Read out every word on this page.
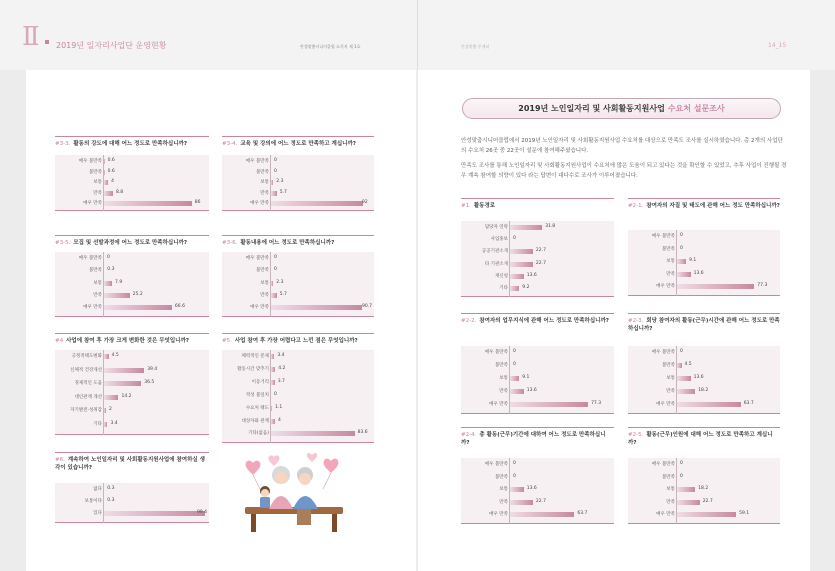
Ⅱ 2019년 일자리사업단 운영현황	안성맞춤시니어클럽 소식지 제 1호	안성맞춤 투게더	14_15
2019년 노인일자리 및 사회활동지원사업 수요처 설문조사

안성맞춤시니어클럽에서 2019년 노인일자리 및 사회활동지원사업 수요처를 대상으로 만족도 조사를 실시하였습니다. 총 2개의 사업단의 수요처 26곳 중 22곳이 설문에 참여해주셨습니다.

만족도 조사를 통해 노인일자리 및 사회활동지원사업이 수요처에 많은 도움이 되고 있다는 것을 확인할 수 있었고, 추후 사업이 진행될 경우 계속 참여할 의향이 있다 라는 답변이 대다수로 조사가 이루어졌습니다.

#3-3. 활동의 강도에 대해 어느 정도로 만족하십니까?
매우 불만족 0.6
불만족 0.6
보통 4
만족	8.8
매우 만족	86
#3-4. 교육 및 강의에 어느 정도로 만족하고 계십니까?
매우 불만족 0
불만족 0
보통 2.3
만족 5.7
매우 만족	92
#3-5. 모집 및 선발과정에 어느 정도로 만족하십니까?
매우 불만족 0
불만족 0.3
보통	7.9
만족	25.2
매우 만족	66.6
#3-6. 활동내용에 어느 정도로 만족하십니까?
매우 불만족 0
불만족 0
보통 2.3
만족 5.7
매우 만족	90.7
#4 사업에 참여 후 가장 크게 변화한 것은 무엇입니까?
긍정적태도변화 4.5
신체적 건강개선	39.4
경제적인 도움	36.5
대인관계 개선	14.2
자기발전·성취감 2
기타 3.4
#5. 사업 참여 후 가장 어렵다고 느낀 점은 무엇입니까?
체력적인 문제 3.4
활동시간 맞추기 4.2
이동거리 3.7
적성 불일치 0
수요처 태도 1.1
대상자와 관계 4
기타(없음)	83.6
#6. 계속하여 노인일자리 및 사회활동지원사업에 참여하실 생각이 있습니까?
없다 0.3
보통이다 0.3
있다	99.4
#1. 활동경로
담당자 연락	31.8
사업홍보 0
공공기관소개	22.7
타 기관소개	22.7
재신청	13.6
기타	9.2
#2-1. 참여자의 자질 및 태도에 관해 어느 정도 만족하십니까?
매우 불만족 0
불만족 0
보통	9.1
만족	13.6
매우 만족	77.3
#2-2. 참여자의 업무지식에 관해 어느 정도로 만족하십니까?
매우 불만족 0
불만족 0
보통	9.1
만족	13.6
매우 만족	77.3
#2-3. 회당 참여자의 활동(근무)시간에 관해 어느 정도로 만족하십니까?
매우 불만족 0
불만족 4.5
보통	13.6
만족	18.2
매우 만족	63.7
#2-4. 총 활동(근무)기간에 대하여 어느 정도로 만족하십니까?
매우 불만족 0
불만족 0
보통	13.6
만족	22.7
매우 만족	63.7
#2-5. 활동(근무)인원에 대해 어느 정도로 만족하고 계십니까?
매우 불만족 0
불만족 0
보통	18.2
만족	22.7
매우 만족	59.1
